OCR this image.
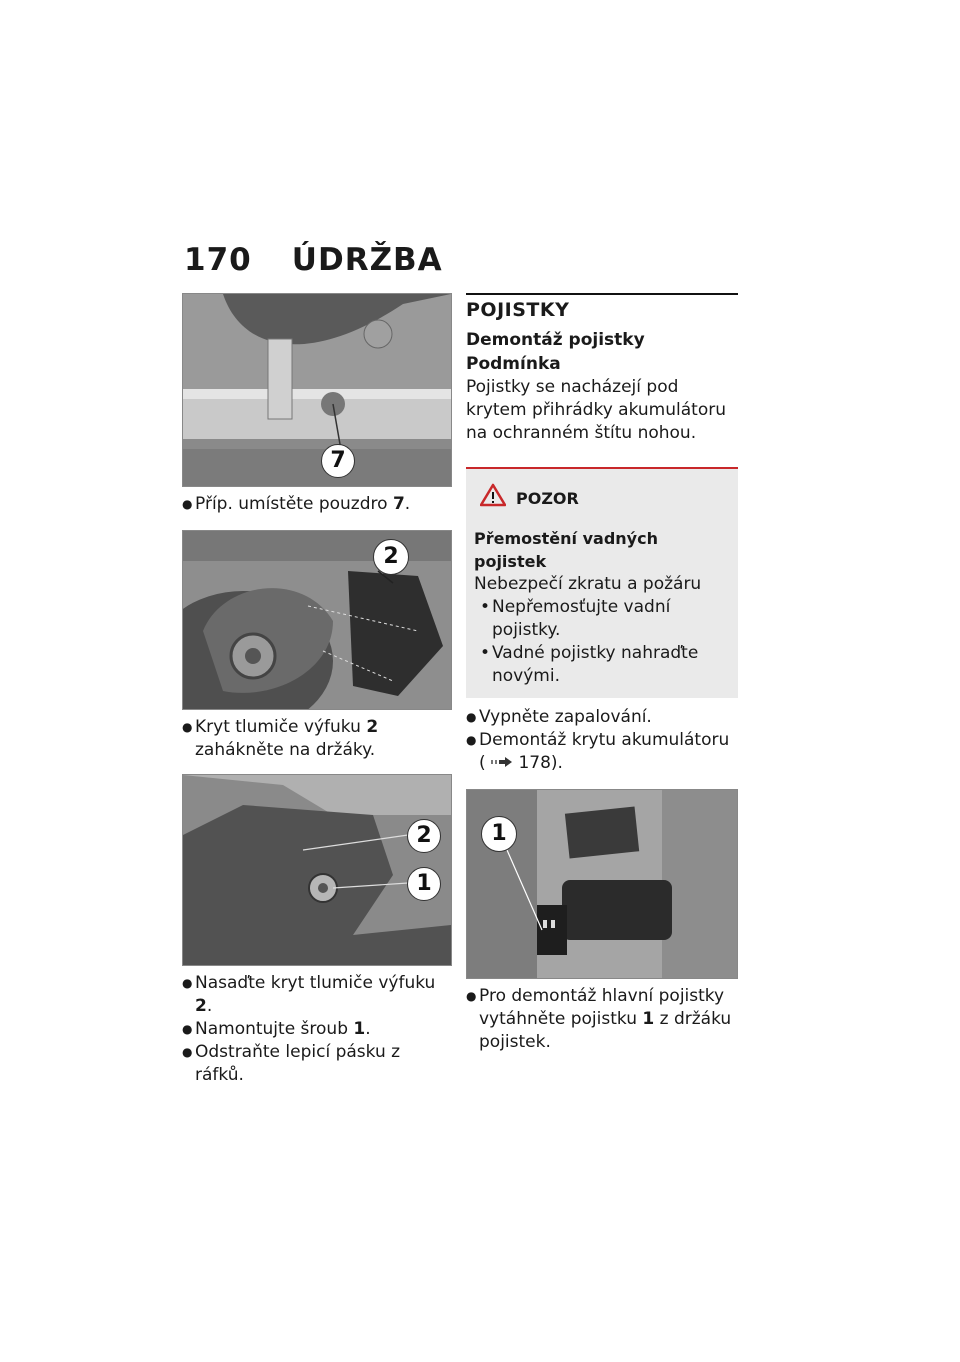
170 ÚDRŽBA
7
● Příp. umístěte pouzdro 7.
2
● Kryt tlumiče výfuku 2 zahákněte na držáky.
2
1
● Nasaďte kryt tlumiče výfuku 2.
● Namontujte šroub 1.
● Odstraňte lepicí pásku z ráfků.
POJISTKY
Demontáž pojistky
Podmínka

Pojistky se nacházejí pod krytem přihrádky akumulátoru na ochranném štítu nohou.

POZOR
Přemostění vadných pojistek

Nebezpečí zkratu a požáru

• Nepřemosťujte vadní pojistky.
• Vadné pojistky nahraďte novými.
● Vypněte zapalování.
● Demontáž krytu akumulátoru ( 178).
1
● Pro demontáž hlavní pojistky vytáhněte pojistku 1 z držáku pojistek.
